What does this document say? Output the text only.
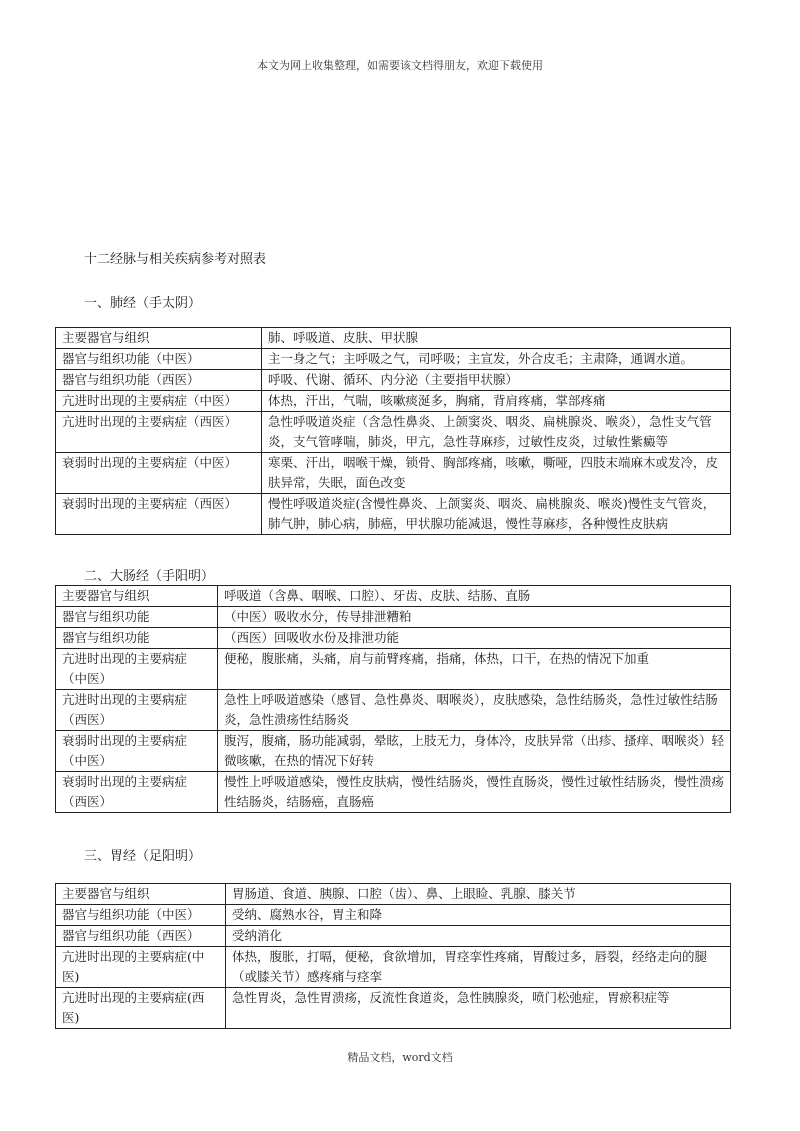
本文为网上收集整理，如需要该文档得朋友，欢迎下载使用
十二经脉与相关疾病参考对照表
一、肺经（手太阴）
主要器官与组织	肺、呼吸道、皮肤、甲状腺
器官与组织功能（中医）	主一身之气；主呼吸之气，司呼吸；主宣发，外合皮毛；主肃降，通调水道。
器官与组织功能（西医）	呼吸、代谢、循环、内分泌（主要指甲状腺）
亢进时出现的主要病症（中医）	体热，汗出，气喘，咳嗽痰涎多，胸痛，背肩疼痛，掌部疼痛
亢进时出现的主要病症（西医）	急性呼吸道炎症（含急性鼻炎、上颌窦炎、咽炎、扁桃腺炎、喉炎），急性支气管炎，支气管哮喘，肺炎，甲亢，急性荨麻疹，过敏性皮炎，过敏性紫癜等
衰弱时出现的主要病症（中医）	寒栗、汗出，咽喉干燥，锁骨、胸部疼痛，咳嗽，嘶哑，四肢末端麻木或发冷，皮肤异常，失眠，面色改变
衰弱时出现的主要病症（西医）	慢性呼吸道炎症(含慢性鼻炎、上颌窦炎、咽炎、扁桃腺炎、喉炎)慢性支气管炎，肺气肿，肺心病，肺癌，甲状腺功能减退，慢性荨麻疹，各种慢性皮肤病
二、大肠经（手阳明）
主要器官与组织	呼吸道（含鼻、咽喉、口腔）、牙齿、皮肤、结肠、直肠
器官与组织功能	（中医）吸收水分，传导排泄糟粕
器官与组织功能	（西医）回吸收水份及排泄功能
亢进时出现的主要病症（中医）	便秘，腹胀痛，头痛，肩与前臂疼痛，指痛，体热，口干，在热的情况下加重
亢进时出现的主要病症（西医）	急性上呼吸道感染（感冒、急性鼻炎、咽喉炎），皮肤感染，急性结肠炎，急性过敏性结肠炎，急性溃疡性结肠炎
衰弱时出现的主要病症（中医）	腹泻，腹痛，肠功能减弱，晕眩，上肢无力，身体冷，皮肤异常（出疹、搔痒、咽喉炎）轻微咳嗽，在热的情况下好转
衰弱时出现的主要病症（西医）	慢性上呼吸道感染，慢性皮肤病，慢性结肠炎，慢性直肠炎，慢性过敏性结肠炎，慢性溃疡性结肠炎，结肠癌，直肠癌
三、胃经（足阳明）
主要器官与组织	胃肠道、食道、胰腺、口腔（齿）、鼻、上眼睑、乳腺、膝关节
器官与组织功能（中医）	受纳、腐熟水谷，胃主和降
器官与组织功能（西医）	受纳消化
亢进时出现的主要病症(中医)	体热，腹胀，打嗝，便秘，食欲增加，胃痉挛性疼痛，胃酸过多，唇裂，经络走向的腿（或膝关节）感疼痛与痉挛
亢进时出现的主要病症(西医)	急性胃炎，急性胃溃疡，反流性食道炎，急性胰腺炎，喷门松弛症，胃瘀积症等
精品文档，word文档
